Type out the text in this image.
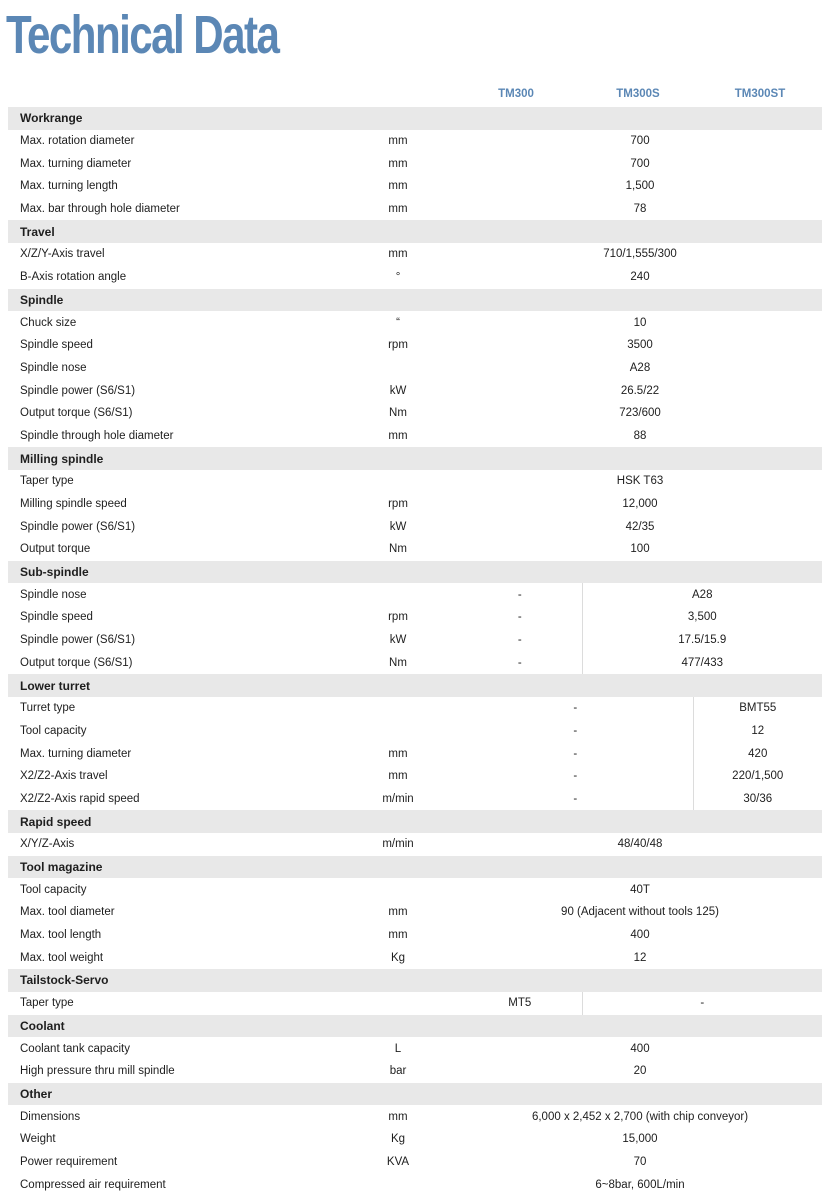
Technical Data
TM300	TM300S	TM300ST
Workrange				
Max. rotation diameter	mm	700		
Max. turning diameter	mm	700		
Max. turning length	mm	1,500		
Max. bar through hole diameter	mm	78		
Travel				
X/Z/Y-Axis travel	mm	710/1,555/300		
B-Axis rotation angle	°	240		
Spindle				
Chuck size	“	10		
Spindle speed	rpm	3500		
Spindle nose		A28		
Spindle power (S6/S1)	kW	26.5/22		
Output torque (S6/S1)	Nm	723/600		
Spindle through hole diameter	mm	88		
Milling spindle				
Taper type		HSK T63		
Milling spindle speed	rpm	12,000		
Spindle power (S6/S1)	kW	42/35		
Output torque	Nm	100		
Sub-spindle				
Spindle nose		-	A28	
Spindle speed	rpm	-	3,500	
Spindle power (S6/S1)	kW	-	17.5/15.9	
Output torque (S6/S1)	Nm	-	477/433	
Lower turret				
Turret type		-		BMT55
Tool capacity		-		12
Max. turning diameter	mm	-		420
X2/Z2-Axis travel	mm	-		220/1,500
X2/Z2-Axis rapid speed	m/min	-		30/36
Rapid speed				
X/Y/Z-Axis	m/min	48/40/48		
Tool magazine				
Tool capacity		40T		
Max. tool diameter	mm	90 (Adjacent without tools 125)		
Max. tool length	mm	400		
Max. tool weight	Kg	12		
Tailstock-Servo				
Taper type		MT5	-	
Coolant				
Coolant tank capacity	L	400		
High pressure thru mill spindle	bar	20		
Other				
Dimensions	mm	6,000 x 2,452 x 2,700 (with chip conveyor)		
Weight	Kg	15,000		
Power requirement	KVA	70		
Compressed air requirement		6~8bar, 600L/min		
